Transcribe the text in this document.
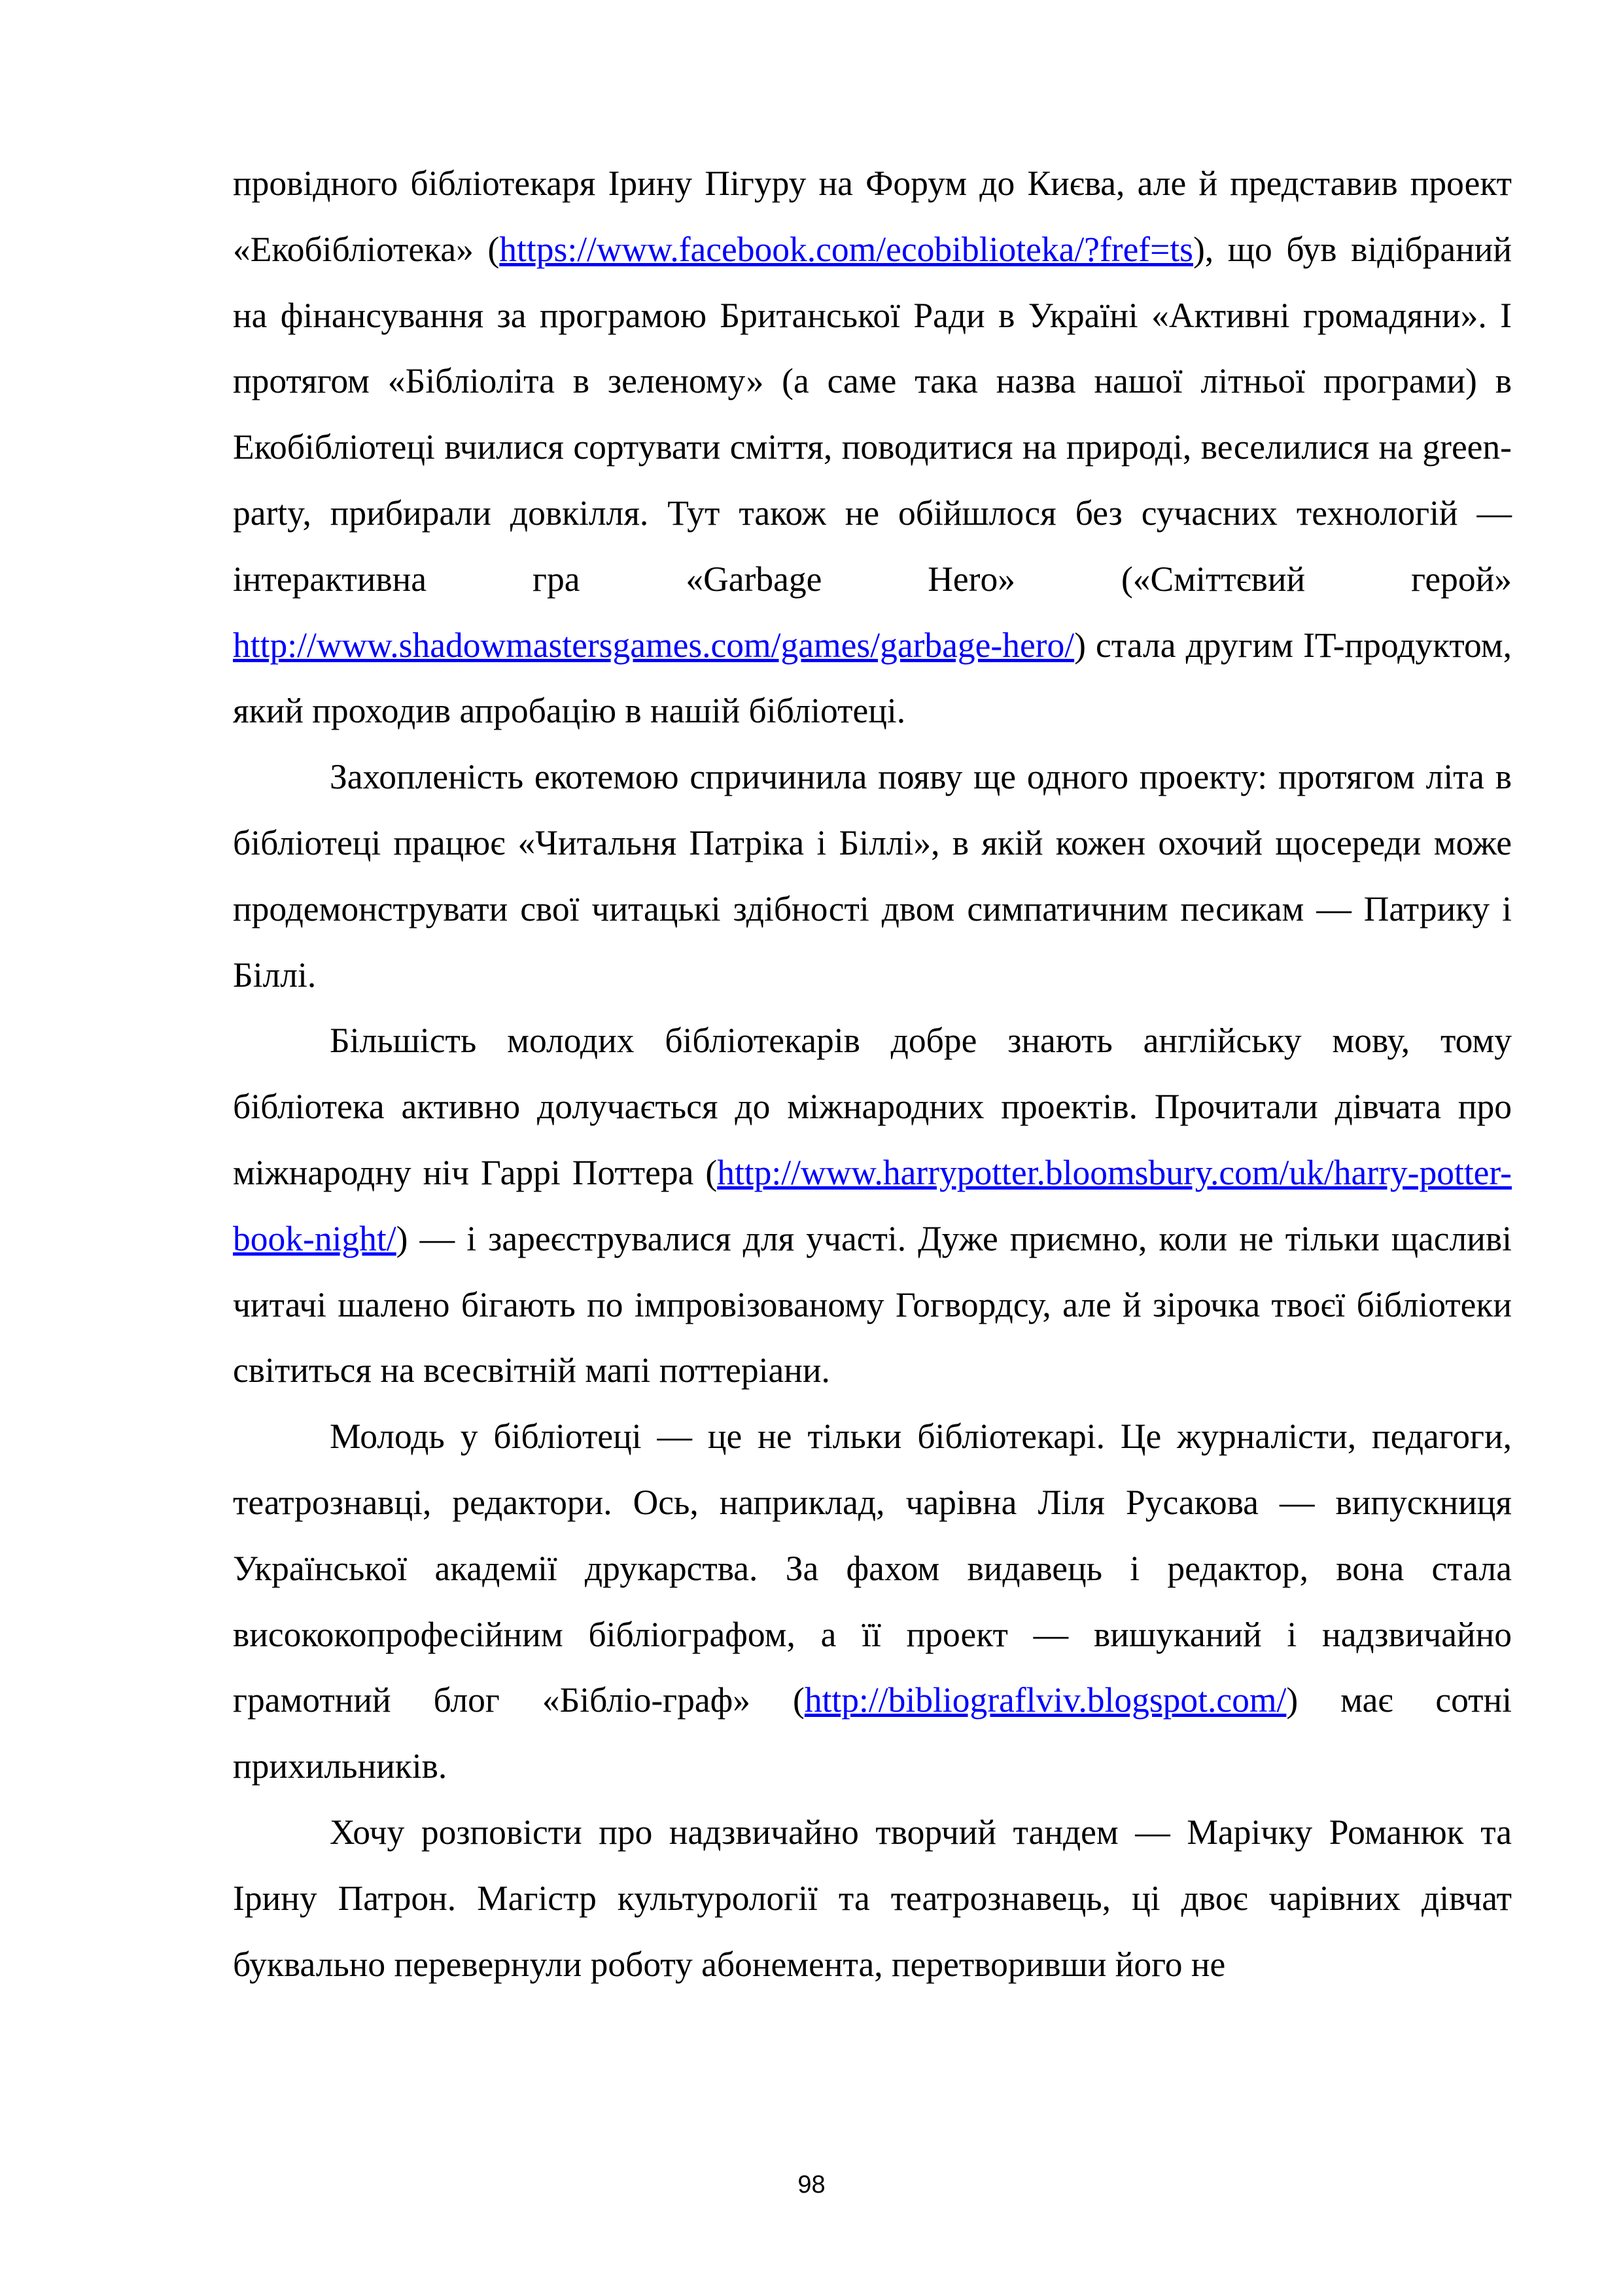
провідного бібліотекаря Ірину Пігуру на Форум до Києва, але й представив проект «Екобібліотека» (https://www.facebook.com/ecobiblioteka/?fref=ts), що був відібраний на фінансування за програмою Британської Ради в Україні «Активні громадяни». І протягом «Бібліоліта в зеленому» (а саме така назва нашої літньої програми) в Екобібліотеці вчилися сортувати сміття, поводитися на природі, веселилися на green-party, прибирали довкілля. Тут також не обійшлося без сучасних технологій — інтерактивна гра «Garbage Hero» («Сміттєвий герой» http://www.shadowmastersgames.com/games/garbage-hero/) стала другим IT-продуктом, який проходив апробацію в нашій бібліотеці.

Захопленість екотемою спричинила появу ще одного проекту: протягом літа в бібліотеці працює «Читальня Патріка і Біллі», в якій кожен охочий щосереди може продемонструвати свої читацькі здібності двом симпатичним песикам — Патрику і Біллі.

Більшість молодих бібліотекарів добре знають англійську мову, тому бібліотека активно долучається до міжнародних проектів. Прочитали дівчата про міжнародну ніч Гаррі Поттера (http://www.harrypotter.bloomsbury.com/uk/harry-potter-book-night/) — і зареєструвалися для участі. Дуже приємно, коли не тільки щасливі читачі шалено бігають по імпровізованому Гогвордсу, але й зірочка твоєї бібліотеки світиться на всесвітній мапі поттеріани.

Молодь у бібліотеці — це не тільки бібліотекарі. Це журналісти, педагоги, театрознавці, редактори. Ось, наприклад, чарівна Ліля Русакова — випускниця Української академії друкарства. За фахом видавець і редактор, вона стала висококопрофесійним бібліографом, а її проект — вишуканий і надзвичайно грамотний блог «Бібліо-граф» (http://bibliograflviv.blogspot.com/) має сотні прихильників.

Хочу розповісти про надзвичайно творчий тандем — Марічку Романюк та Ірину Патрон. Магістр культурології та театрознавець, ці двоє чарівних дівчат буквально перевернули роботу абонемента, перетворивши його не

98
